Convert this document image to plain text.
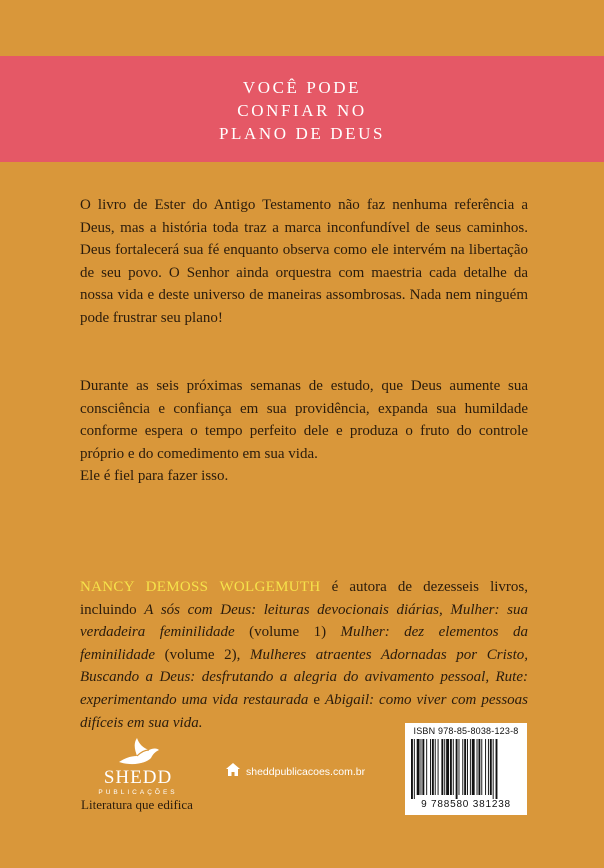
VOCÊ PODE
CONFIAR NO
PLANO DE DEUS

O livro de Ester do Antigo Testamento não faz nenhuma referência a Deus, mas a história toda traz a marca inconfundível de seus caminhos. Deus fortalecerá sua fé enquanto observa como ele intervém na libertação de seu povo. O Senhor ainda orquestra com maestria cada detalhe da nossa vida e deste universo de maneiras assombrosas. Nada nem ninguém pode frustrar seu plano!

Durante as seis próximas semanas de estudo, que Deus aumente sua consciência e confiança em sua providência, expanda sua humildade conforme espera o tempo perfeito dele e produza o fruto do controle próprio e do comedimento em sua vida.
Ele é fiel para fazer isso.

NANCY DEMOSS WOLGEMUTH é autora de dezesseis livros, incluindo A sós com Deus: leituras devocionais diárias, Mulher: sua verdadeira feminilidade (volume 1) Mulher: dez elementos da feminilidade (volume 2), Mulheres atraentes Adornadas por Cristo, Buscando a Deus: desfrutando a alegria do avivamento pessoal, Rute: experimentando uma vida restaurada e Abigail: como viver com pessoas difíceis em sua vida.

SHEDD
PUBLICAÇÕES
Literatura que edifica
sheddpublicacoes.com.br
ISBN 978-85-8038-123-8
9 788580 381238
